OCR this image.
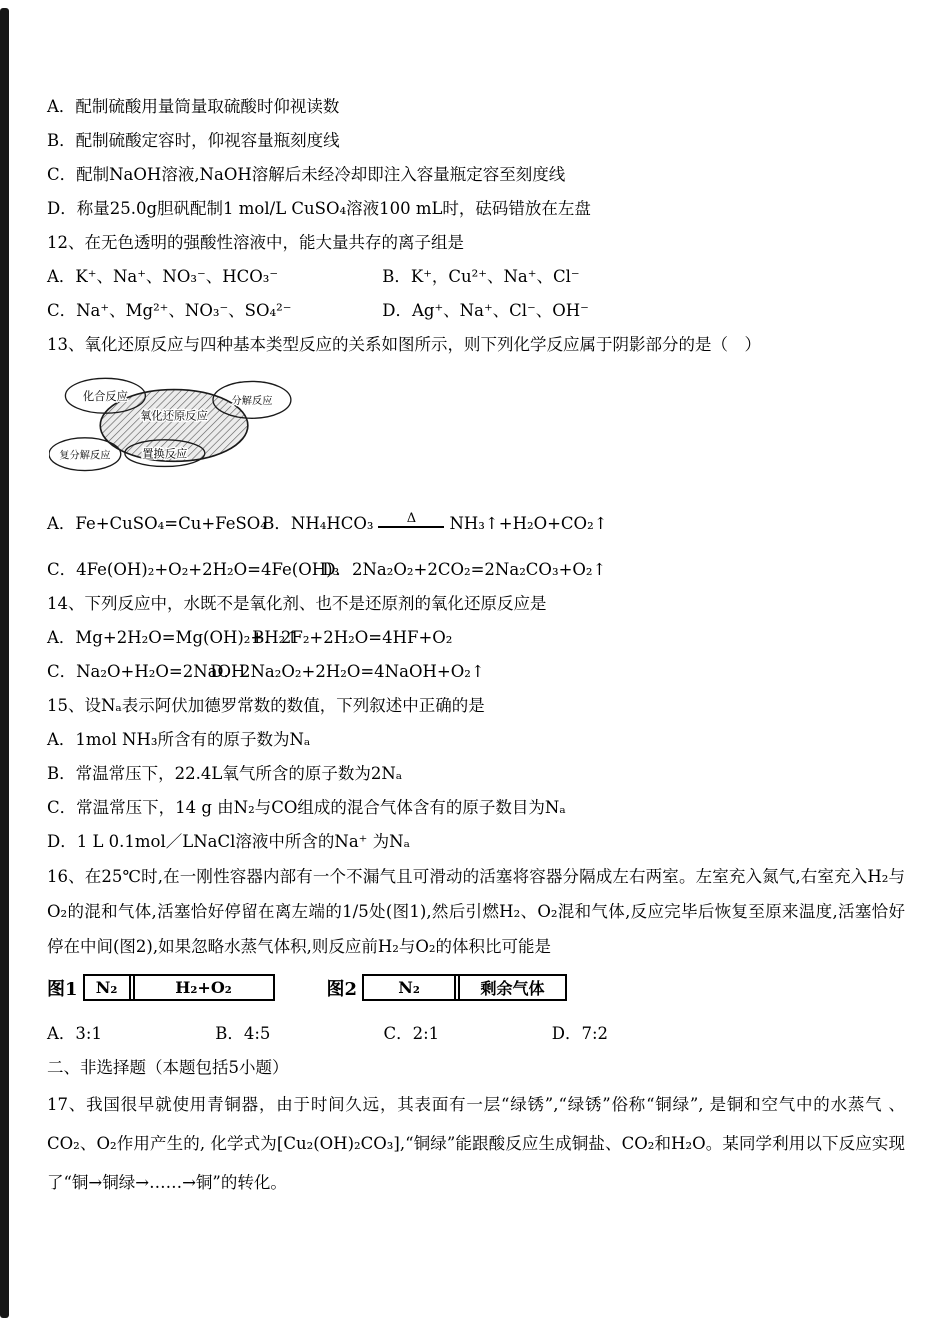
A．配制硫酸用量筒量取硫酸时仰视读数

B．配制硫酸定容时，仰视容量瓶刻度线

C．配制NaOH溶液,NaOH溶解后未经冷却即注入容量瓶定容至刻度线

D．称量25.0g胆矾配制1 mol/L CuSO₄溶液100 mL时，砝码错放在左盘

12、在无色透明的强酸性溶液中，能大量共存的离子组是

A．K⁺、Na⁺、NO₃⁻、HCO₃⁻	B．K⁺，Cu²⁺、Na⁺、Cl⁻

C．Na⁺、Mg²⁺、NO₃⁻、SO₄²⁻	D．Ag⁺、Na⁺、Cl⁻、OH⁻

13、氧化还原反应与四种基本类型反应的关系如图所示，则下列化学反应属于阴影部分的是（　）

化合反应	分解反应
氧化还原反应
复分解反应	置换反应

A．Fe+CuSO₄=Cu+FeSO₄ B．NH₄HCO₃	Δ NH₃↑+H₂O+CO₂↑

C．4Fe(OH)₂+O₂+2H₂O=4Fe(OH)₃ D．2Na₂O₂+2CO₂=2Na₂CO₃+O₂↑

14、下列反应中，水既不是氧化剂、也不是还原剂的氧化还原反应是

A．Mg+2H₂O=Mg(OH)₂+H₂↑ B．2F₂+2H₂O=4HF+O₂

C．Na₂O+H₂O=2NaOH D．2Na₂O₂+2H₂O=4NaOH+O₂↑

15、设Nₐ表示阿伏加德罗常数的数值，下列叙述中正确的是

A．1mol NH₃所含有的原子数为Nₐ

B．常温常压下，22.4L氧气所含的原子数为2Nₐ

C．常温常压下，14 g 由N₂与CO组成的混合气体含有的原子数目为Nₐ

D．1 L 0.1mol／LNaCl溶液中所含的Na⁺ 为Nₐ

16、在25℃时,在一刚性容器内部有一个不漏气且可滑动的活塞将容器分隔成左右两室。左室充入氮气,右室充入H₂与O₂的混和气体,活塞恰好停留在离左端的1/5处(图1),然后引燃H₂、O₂混和气体,反应完毕后恢复至原来温度,活塞恰好停在中间(图2),如果忽略水蒸气体积,则反应前H₂与O₂的体积比可能是

图1	N₂	H₂+O₂	图2	N₂	剩余气体

A．3:1	B．4:5	C．2:1	D．7:2

二、非选择题（本题包括5小题）

17、我国很早就使用青铜器，由于时间久远，其表面有一层“绿锈”,“绿锈”俗称“铜绿”, 是铜和空气中的水蒸气 、CO₂、O₂作用产生的, 化学式为[Cu₂(OH)₂CO₃],“铜绿”能跟酸反应生成铜盐、CO₂和H₂O。某同学利用以下反应实现了“铜→铜绿→……→铜”的转化。
